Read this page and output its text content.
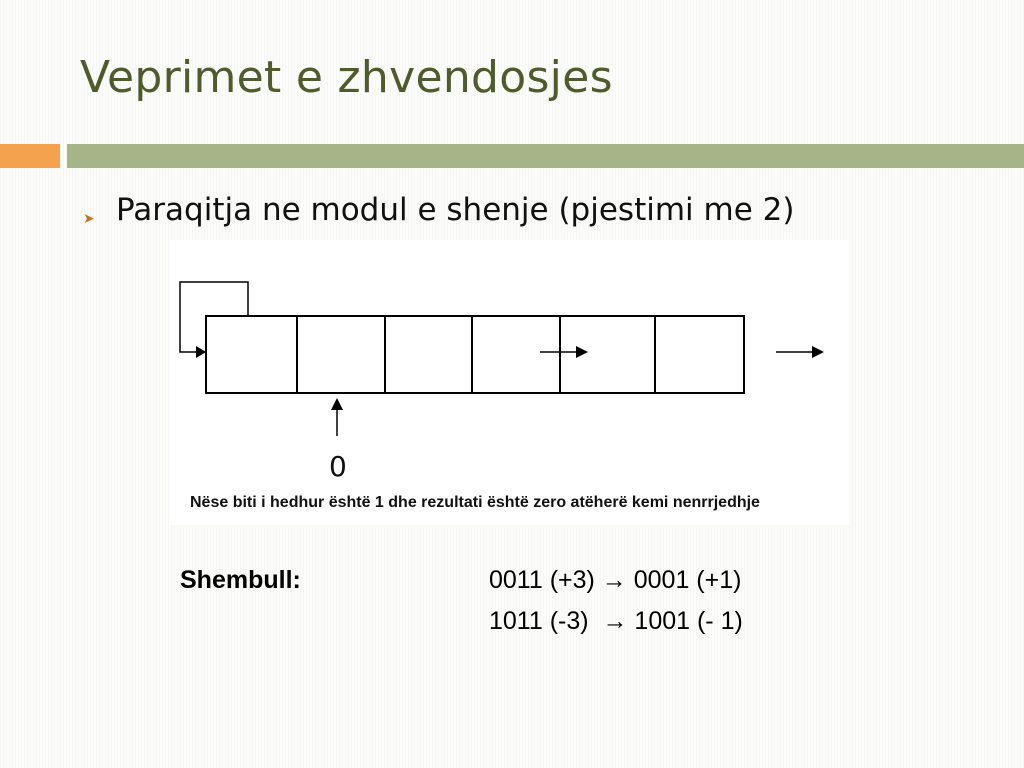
Veprimet e zhvendosjes
➤ Paraqitja ne modul e shenje (pjestimi me 2)
0
Nëse biti i hedhur është 1 dhe rezultati është zero atëherë kemi nenrrjedhje
Shembull:	0011 (+3) → 0001 (+1)
1011 (-3)  → 1001 (- 1)
